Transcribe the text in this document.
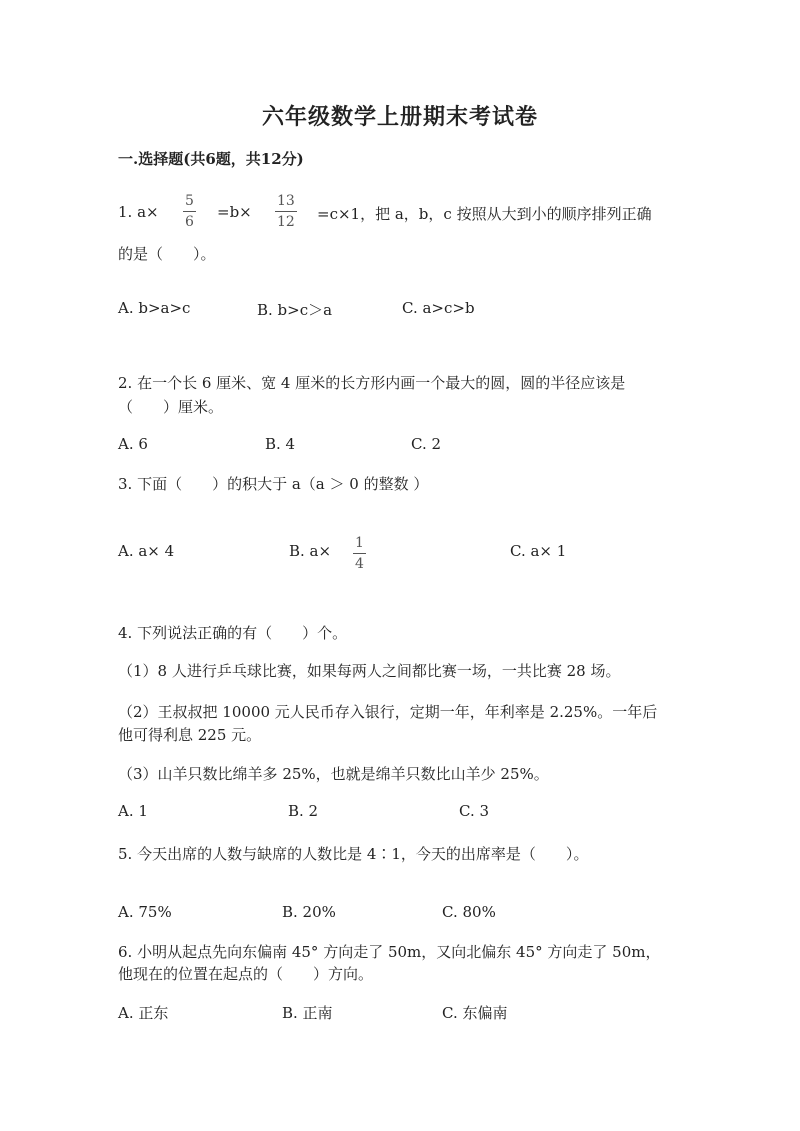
六年级数学上册期末考试卷
一.选择题(共6题，共12分)
1. $a\times \frac{5}{6} =b\times \frac{13}{12} =c\times 1$，把 a，b，c 按照从大到小的顺序排列正确
的是（　　）。
A. b>a>c	B. b>c＞a	C. a>c>b
2. 在一个长 6 厘米、宽 4 厘米的长方形内画一个最大的圆，圆的半径应该是
（　　）厘米。
A. 6	B. 4	C. 2
3. 下面（　　）的积大于 a（a ＞ 0 的整数 ）
A. a× 4	B. $a\times \frac{1}{4}$	C. a× 1
4. 下列说法正确的有（　　）个。
（1）8 人进行乒乓球比赛，如果每两人之间都比赛一场，一共比赛 28 场。
（2）王叔叔把 10000 元人民币存入银行，定期一年，年利率是 2.25%。一年后
他可得利息 225 元。
（3）山羊只数比绵羊多 25%，也就是绵羊只数比山羊少 25%。
A. 1	B. 2	C. 3
5. 今天出席的人数与缺席的人数比是 4∶1，今天的出席率是（　　）。
A. 75%	B. 20%	C. 80%
6. 小明从起点先向东偏南 45° 方向走了 50m，又向北偏东 45° 方向走了 50m，
他现在的位置在起点的（　　）方向。
A. 正东	B. 正南	C. 东偏南
